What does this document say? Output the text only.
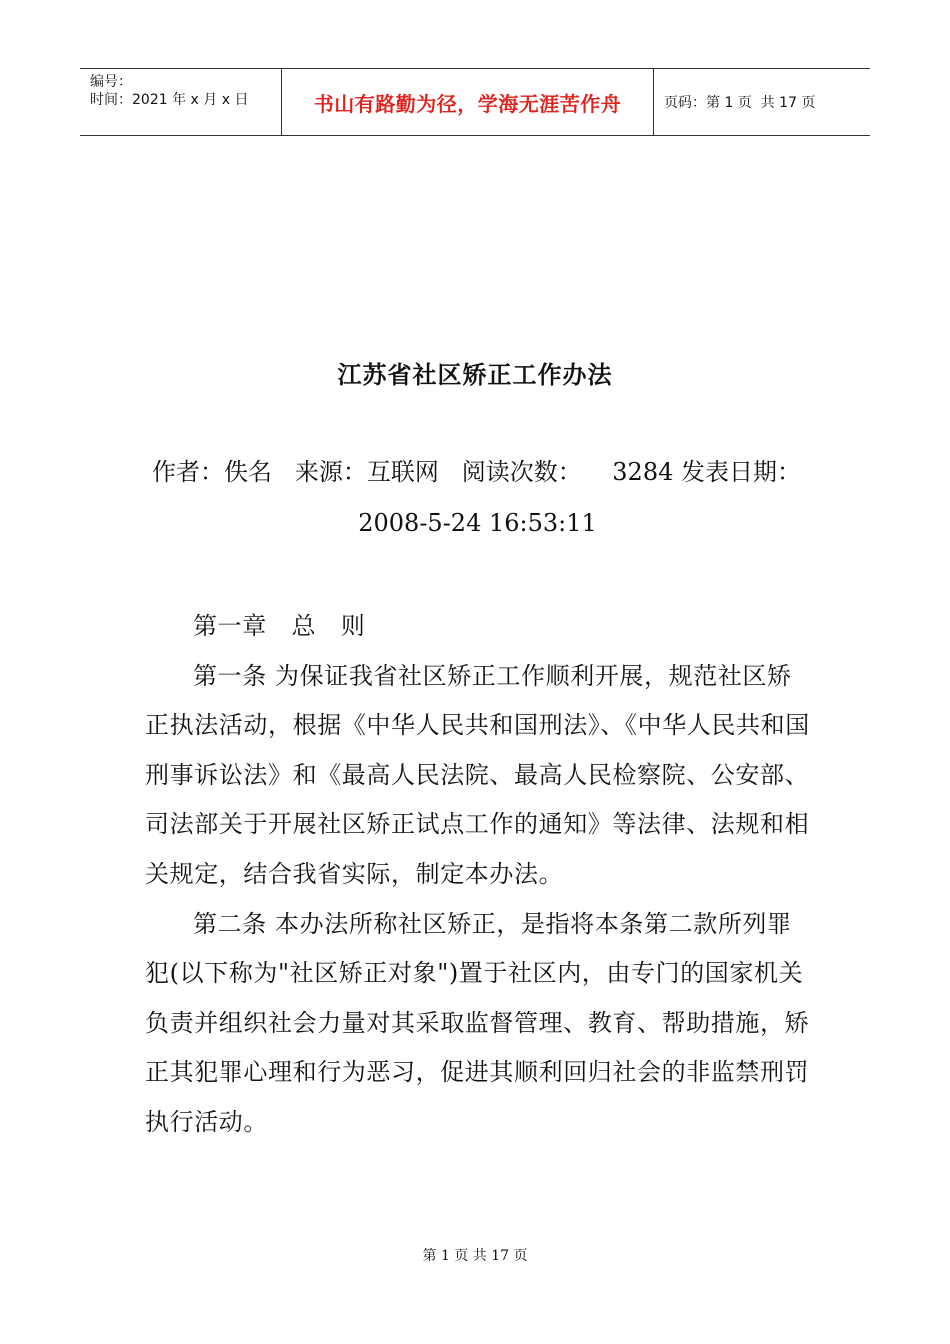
编号：
时间：2021 年 x 月 x 日	书山有路勤为径，学海无涯苦作舟	页码：第 1 页  共 17 页
江苏省社区矫正工作办法
作者：佚名   来源：互联网   阅读次数：    3284 发表日期：
2008-5-24 16:53:11

第一章   总   则

第一条 为保证我省社区矫正工作顺利开展，规范社区矫正执法活动，根据《中华人民共和国刑法》、《中华人民共和国刑事诉讼法》和《最高人民法院、最高人民检察院、公安部、司法部关于开展社区矫正试点工作的通知》等法律、法规和相关规定，结合我省实际，制定本办法。

第二条 本办法所称社区矫正，是指将本条第二款所列罪犯(以下称为"社区矫正对象")置于社区内，由专门的国家机关负责并组织社会力量对其采取监督管理、教育、帮助措施，矫正其犯罪心理和行为恶习，促进其顺利回归社会的非监禁刑罚执行活动。

第 1 页 共 17 页
